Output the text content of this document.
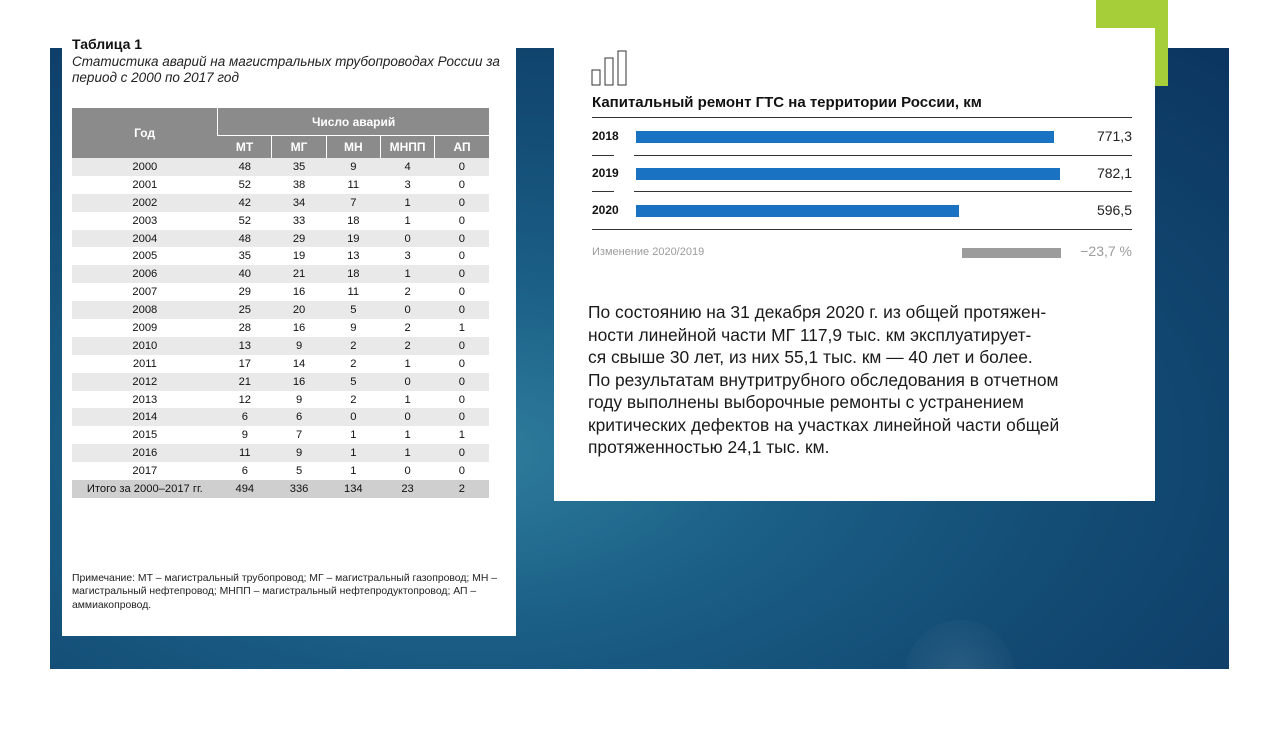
Таблица 1
Статистика аварий на магистральных трубопроводах России за период с 2000 по 2017 год
Год	Число аварий				
	МТ	МГ	МН	МНПП	АП
2000	48	35	9	4	0
2001	52	38	11	3	0
2002	42	34	7	1	0
2003	52	33	18	1	0
2004	48	29	19	0	0
2005	35	19	13	3	0
2006	40	21	18	1	0
2007	29	16	11	2	0
2008	25	20	5	0	0
2009	28	16	9	2	1
2010	13	9	2	2	0
2011	17	14	2	1	0
2012	21	16	5	0	0
2013	12	9	2	1	0
2014	6	6	0	0	0
2015	9	7	1	1	1
2016	11	9	1	1	0
2017	6	5	1	0	0
Итого за 2000–2017 гг.	494	336	134	23	2
Примечание: МТ – магистральный трубопровод; МГ – магистральный газопровод; МН – магистральный нефтепровод; МНПП – магистральный нефтепродуктопровод; АП – аммиакопровод.
Капитальный ремонт ГТС на территории России, км
2018	771,3
2019	782,1
2020	596,5
Изменение 2020/2019	−23,7 %

По состоянию на 31 декабря 2020 г. из общей протяжен-

ности линейной части МГ 117,9 тыс. км эксплуатирует-

ся свыше 30 лет, из них 55,1 тыс. км — 40 лет и более.

По результатам внутритрубного обследования в отчетном

году выполнены выборочные ремонты с устранением

критических дефектов на участках линейной части общей

протяженностью 24,1 тыс. км.
